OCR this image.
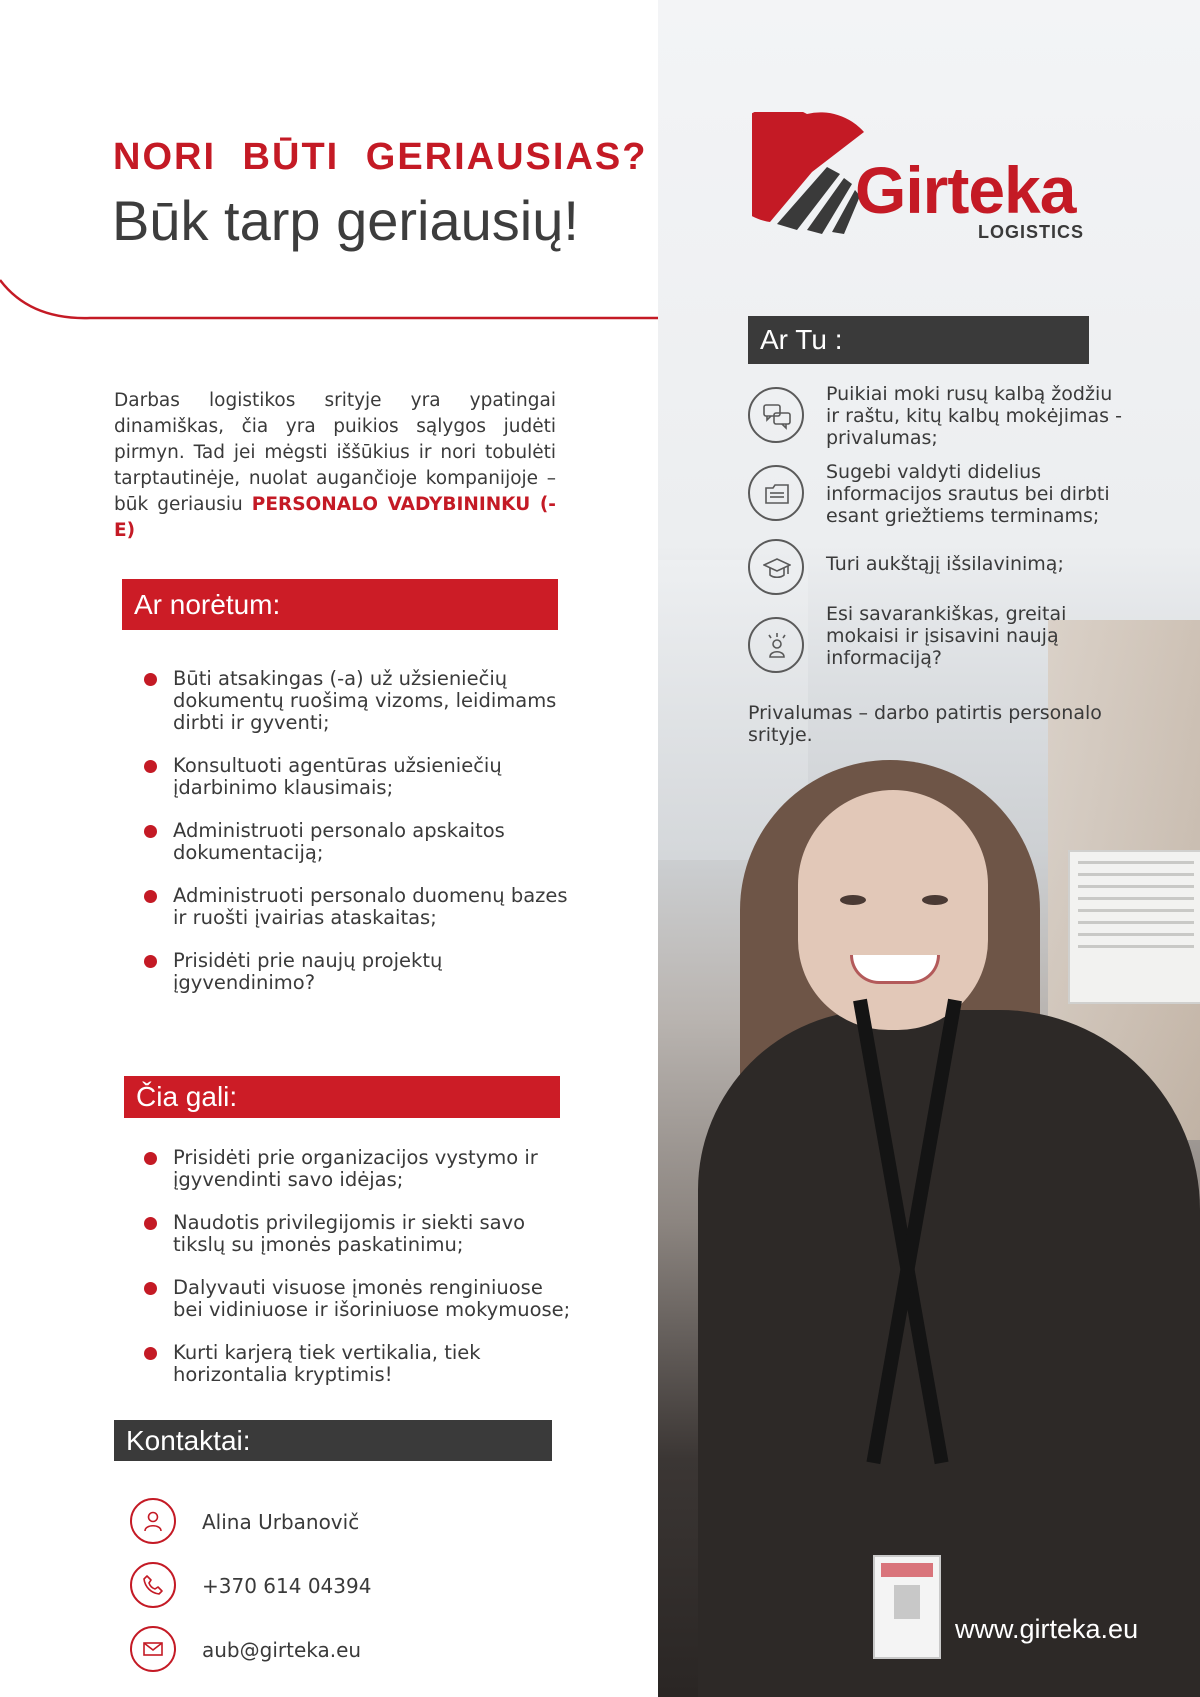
NORI BŪTI GERIAUSIAS?
Būk tarp geriausių!

Darbas logistikos srityje yra ypatingai dinamiškas, čia yra puikios sąlygos judėti pirmyn. Tad jei mėgsti iššūkius ir nori tobulėti tarptautinėje, nuolat augančioje kompanijoje – būk geriausiu PERSONALO VADYBININKU (-E)

Ar norėtum:
Būti atsakingas (-a) už užsieniečių dokumentų ruošimą vizoms, leidimams dirbti ir gyventi;
Konsultuoti agentūras užsieniečių įdarbinimo klausimais;
Administruoti personalo apskaitos dokumentaciją;
Administruoti personalo duomenų bazes ir ruošti įvairias ataskaitas;
Prisidėti prie naujų projektų įgyvendinimo?
Čia gali:
Prisidėti prie organizacijos vystymo ir įgyvendinti savo idėjas;
Naudotis privilegijomis ir siekti savo tikslų su įmonės paskatinimu;
Dalyvauti visuose įmonės renginiuose bei vidiniuose ir išoriniuose mokymuose;
Kurti karjerą tiek vertikalia, tiek horizontalia kryptimis!
Kontaktai:
Alina Urbanovič
+370 614 04394
aub@girteka.eu
Girteka
LOGISTICS
Ar Tu :
Puikiai moki rusų kalbą žodžiu ir raštu, kitų kalbų mokėjimas - privalumas;
Sugebi valdyti didelius informacijos srautus bei dirbti esant griežtiems terminams;
Turi aukštąjį išsilavinimą;
Esi savarankiškas, greitai mokaisi ir įsisavini naują informaciją?
Privalumas – darbo patirtis personalo srityje.
www.girteka.eu
